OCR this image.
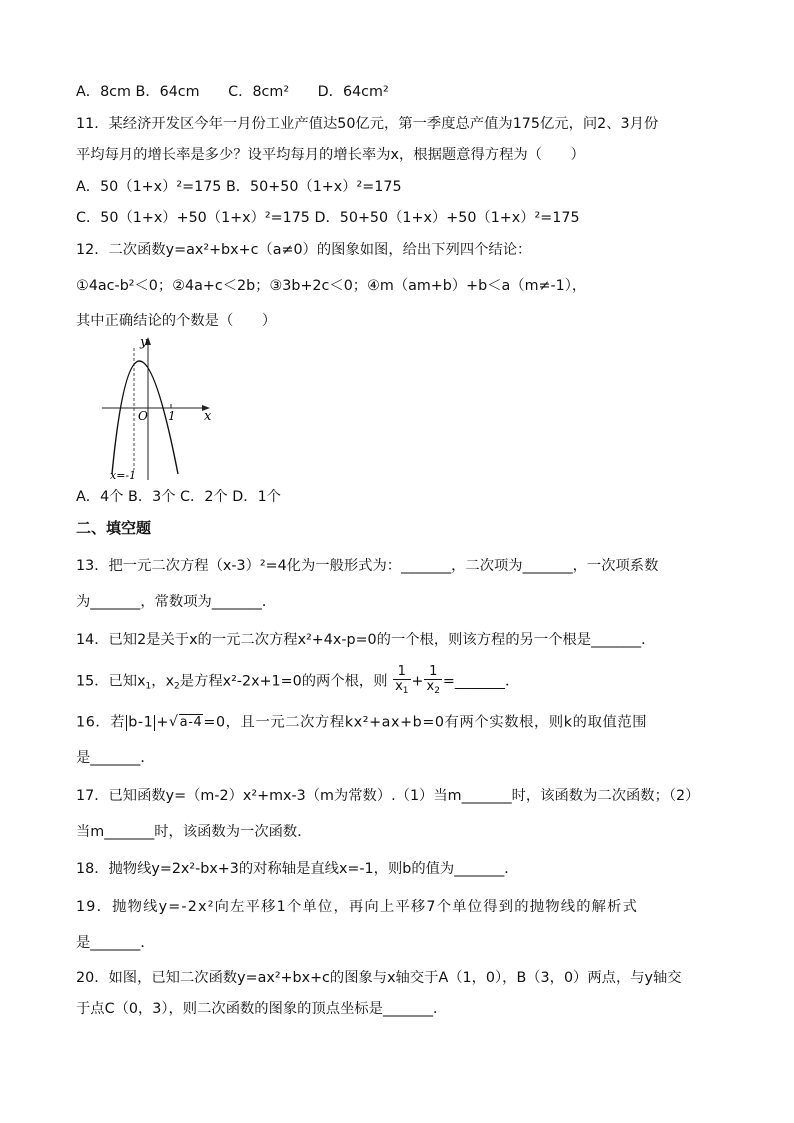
A．8cm B．64cm　　C．8cm²　　D．64cm²
11．某经济开发区今年一月份工业产值达50亿元，第一季度总产值为175亿元，问2、3月份
平均每月的增长率是多少？设平均每月的增长率为x，根据题意得方程为（　　）
A．50（1+x）²=175 B．50+50（1+x）²=175
C．50（1+x）+50（1+x）²=175 D．50+50（1+x）+50（1+x）²=175
12．二次函数y=ax²+bx+c（a≠0）的图象如图，给出下列四个结论：
①4ac-b²＜0；②4a+c＜2b；③3b+2c＜0；④m（am+b）+b＜a（m≠-1），
其中正确结论的个数是（　　）
y
x
O 1
x=-1
A．4个 B．3个 C．2个 D．1个
二、填空题
13．把一元二次方程（x-3）²=4化为一般形式为：_______，二次项为_______，一次项系数
为_______，常数项为_______．
14．已知2是关于x的一元二次方程x²+4x-p=0的一个根，则该方程的另一个根是_______．
15．已知$x_1$，$x_2$是方程x²-2x+1=0的两个根，则 $\frac{1}{x_1} + \frac{1}{x_2}$ =_______．
16．若 b-1 +√a-4=0，且一元二次方程kx²+ax+b=0有两个实数根，则k的取值范围
是_______．
17．已知函数y=（m-2）x²+mx-3（m为常数）.（1）当m_______时，该函数为二次函数；（2）
当m_______时，该函数为一次函数．
18．抛物线y=2x²-bx+3的对称轴是直线x=-1，则b的值为_______．
19．抛物线y=-2x²向左平移1个单位，再向上平移7个单位得到的抛物线的解析式
是_______．
20．如图，已知二次函数y=ax²+bx+c的图象与x轴交于A（1，0），B（3，0）两点，与y轴交
于点C（0，3），则二次函数的图象的顶点坐标是_______．
